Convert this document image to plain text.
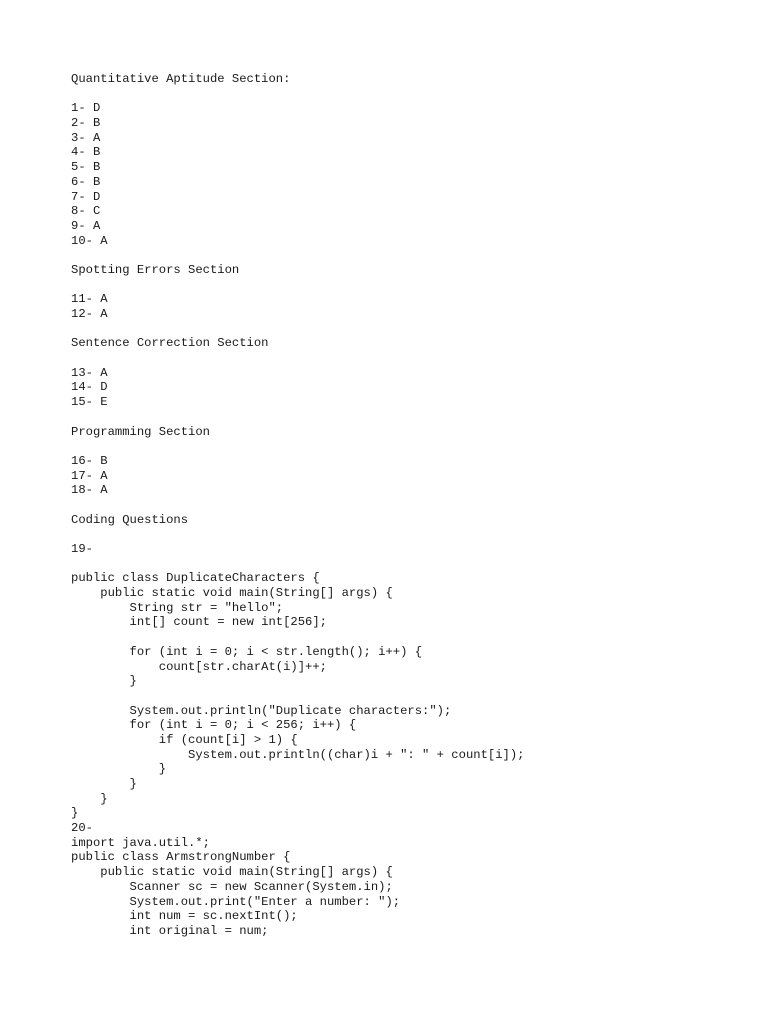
Quantitative Aptitude Section:
1- D
2- B
3- A
4- B
5- B
6- B
7- D
8- C
9- A
10- A
Spotting Errors Section
11- A
12- A
Sentence Correction Section
13- A
14- D
15- E
Programming Section
16- B
17- A
18- A
Coding Questions
19-
public class DuplicateCharacters {
public static void main(String[] args) {
String str = "hello";
int[] count = new int[256];
for (int i = 0; i < str.length(); i++) {
count[str.charAt(i)]++;
}
System.out.println("Duplicate characters:");
for (int i = 0; i < 256; i++) {
if (count[i] > 1) {
System.out.println((char)i + ": " + count[i]);
}
}
}
}
20-
import java.util.*;
public class ArmstrongNumber {
public static void main(String[] args) {
Scanner sc = new Scanner(System.in);
System.out.print("Enter a number: ");
int num = sc.nextInt();
int original = num;
